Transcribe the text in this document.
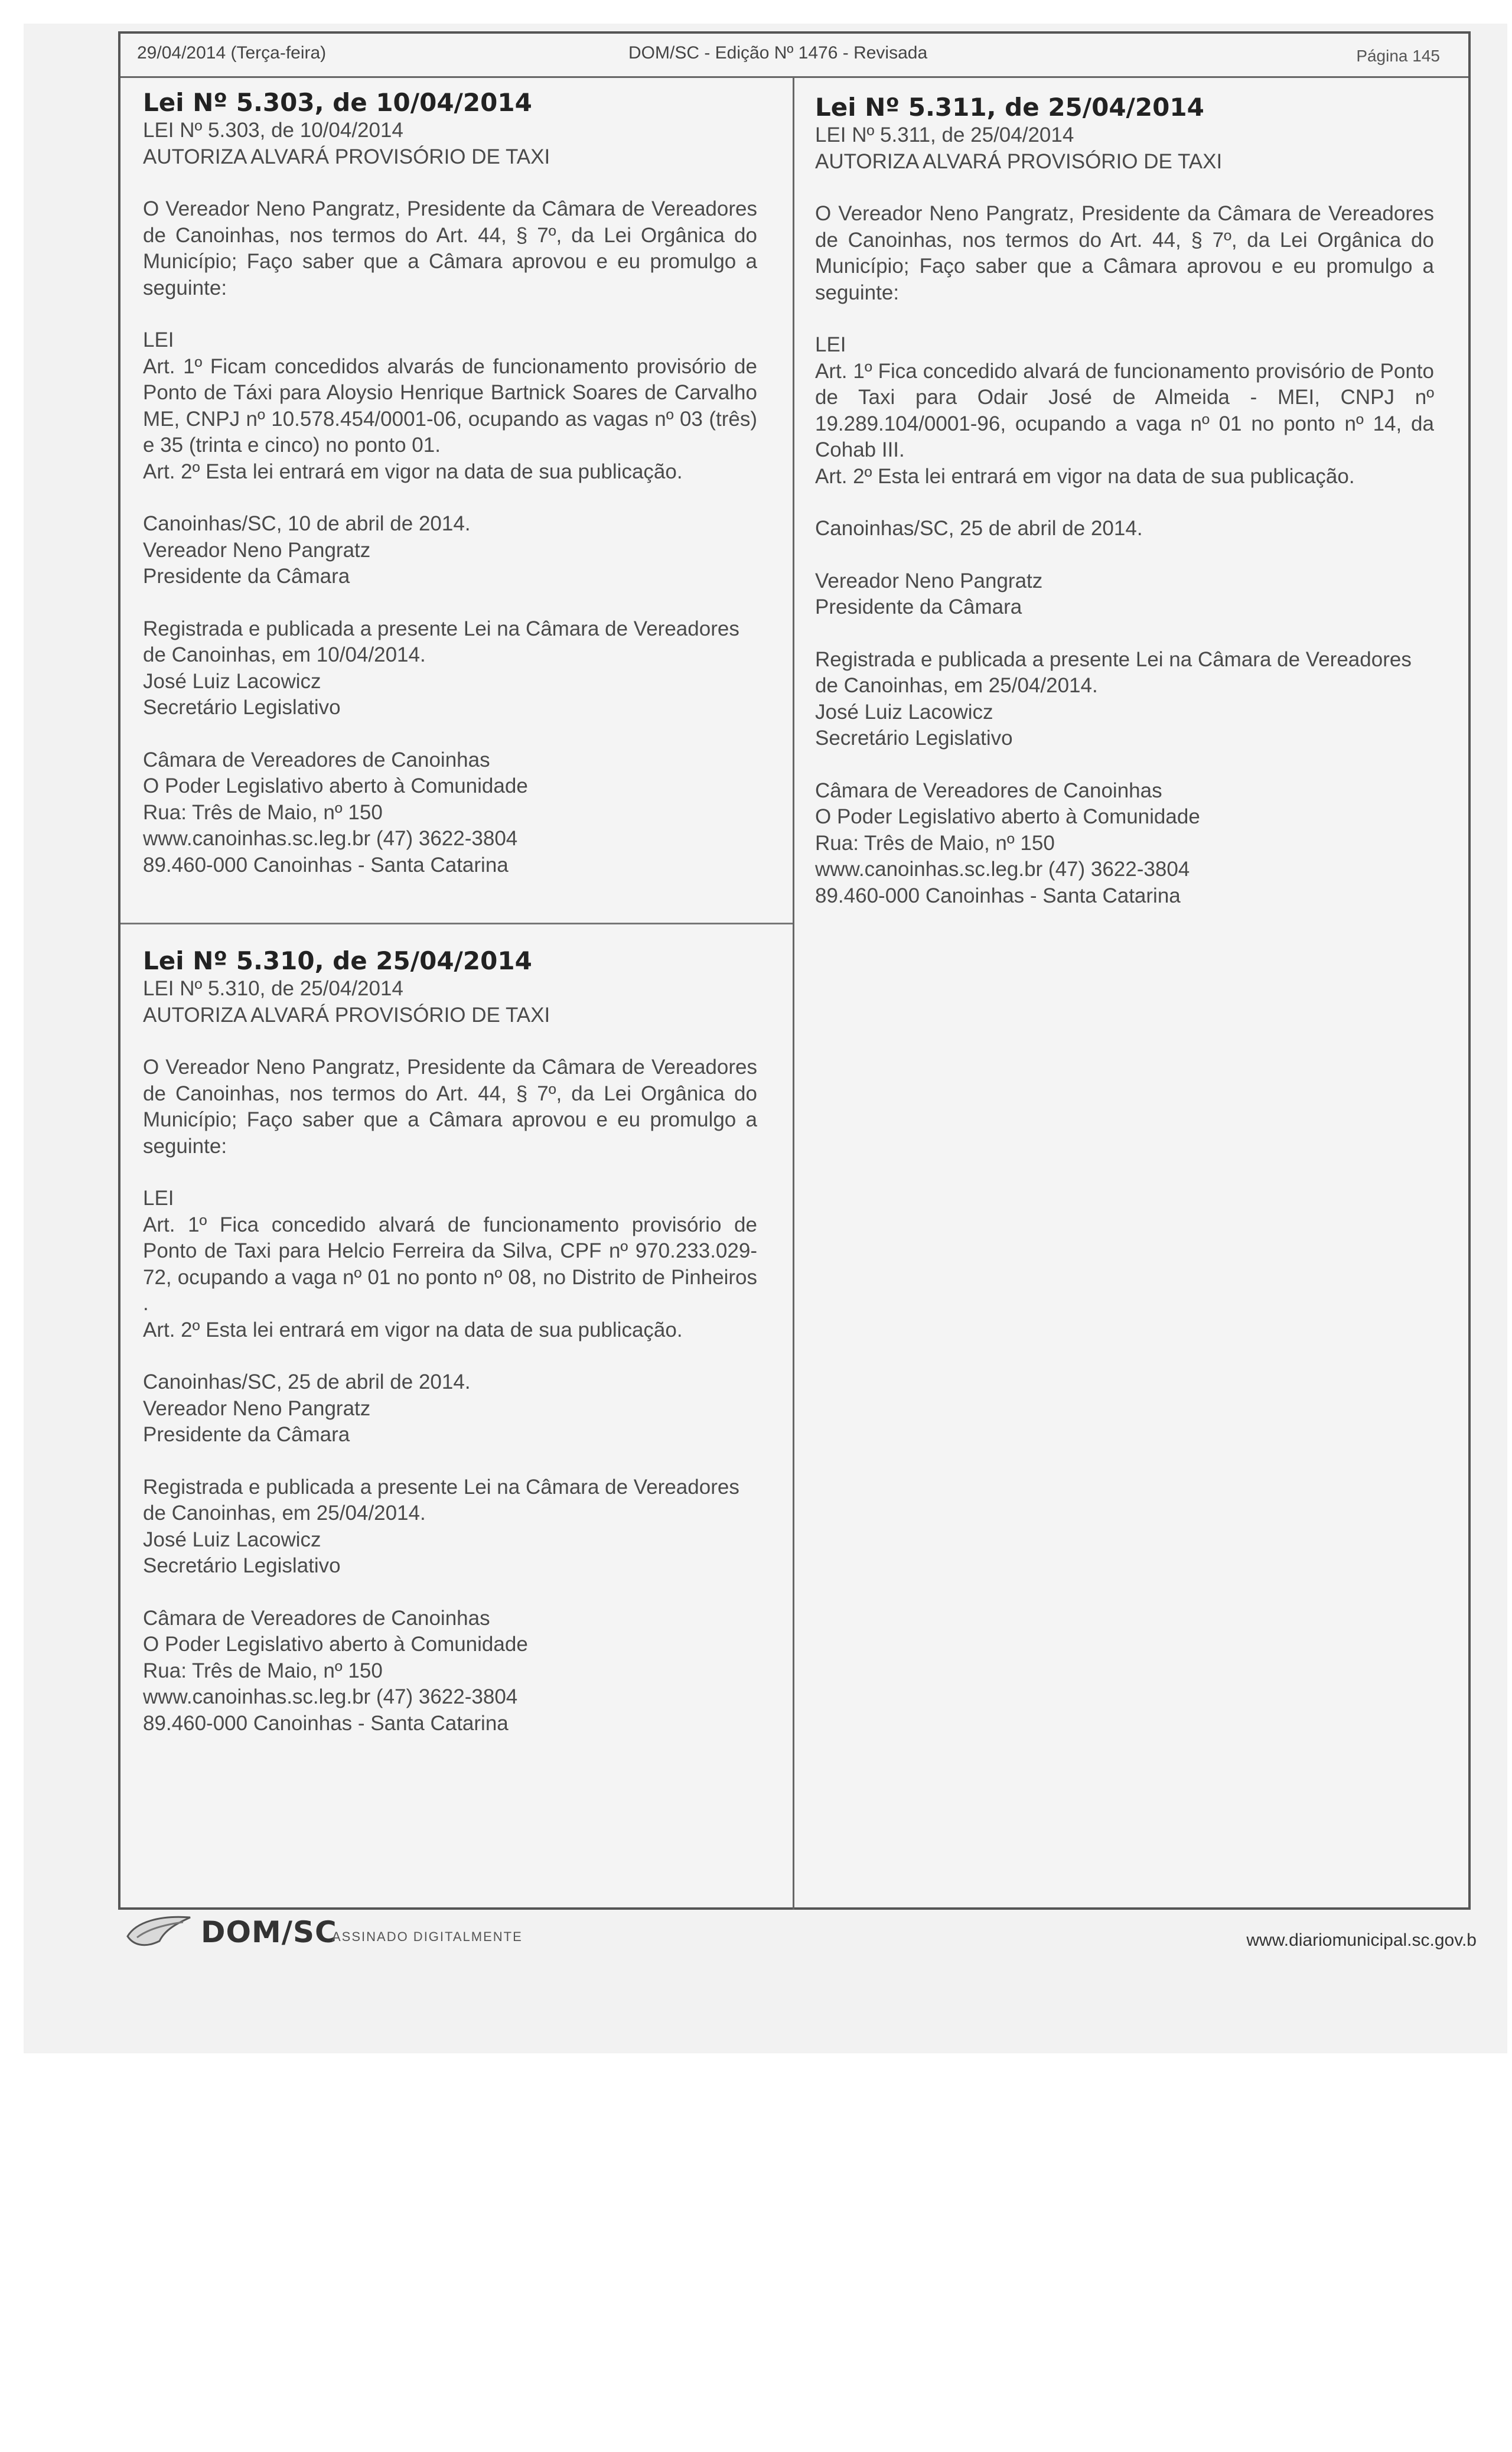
29/04/2014 (Terça-feira)	DOM/SC - Edição Nº 1476 - Revisada	Página 145

Lei Nº 5.303, de 10/04/2014

LEI Nº 5.303, de 10/04/2014

AUTORIZA ALVARÁ PROVISÓRIO DE TAXI

O Vereador Neno Pangratz, Presidente da Câmara de Vereadores de Canoinhas, nos termos do Art. 44, § 7º, da Lei Orgânica do Município; Faço saber que a Câmara aprovou e eu promulgo a seguinte:

LEI

Art. 1º Ficam concedidos alvarás de funcionamento provisório de Ponto de Táxi para Aloysio Henrique Bartnick Soares de Carvalho ME, CNPJ nº 10.578.454/0001-06, ocupando as vagas nº 03 (três) e 35 (trinta e cinco) no ponto 01.

Art. 2º Esta lei entrará em vigor na data de sua publicação.

Canoinhas/SC, 10 de abril de 2014.

Vereador Neno Pangratz

Presidente da Câmara

Registrada e publicada a presente Lei na Câmara de Vereadores de Canoinhas, em 10/04/2014.

José Luiz Lacowicz

Secretário Legislativo

Câmara de Vereadores de Canoinhas

O Poder Legislativo aberto à Comunidade

Rua: Três de Maio, nº 150

www.canoinhas.sc.leg.br (47) 3622-3804

89.460-000 Canoinhas - Santa Catarina

Lei Nº 5.310, de 25/04/2014

LEI Nº 5.310, de 25/04/2014

AUTORIZA ALVARÁ PROVISÓRIO DE TAXI

O Vereador Neno Pangratz, Presidente da Câmara de Vereadores de Canoinhas, nos termos do Art. 44, § 7º, da Lei Orgânica do Município; Faço saber que a Câmara aprovou e eu promulgo a seguinte:

LEI

Art. 1º Fica concedido alvará de funcionamento provisório de Ponto de Taxi para Helcio Ferreira da Silva, CPF nº 970.233.029-72, ocupando a vaga nº 01 no ponto nº 08, no Distrito de Pinheiros .

Art. 2º Esta lei entrará em vigor na data de sua publicação.

Canoinhas/SC, 25 de abril de 2014.

Vereador Neno Pangratz

Presidente da Câmara

Registrada e publicada a presente Lei na Câmara de Vereadores de Canoinhas, em 25/04/2014.

José Luiz Lacowicz

Secretário Legislativo

Câmara de Vereadores de Canoinhas

O Poder Legislativo aberto à Comunidade

Rua: Três de Maio, nº 150

www.canoinhas.sc.leg.br (47) 3622-3804

89.460-000 Canoinhas - Santa Catarina

Lei Nº 5.311, de 25/04/2014

LEI Nº 5.311, de 25/04/2014

AUTORIZA ALVARÁ PROVISÓRIO DE TAXI

O Vereador Neno Pangratz, Presidente da Câmara de Vereadores de Canoinhas, nos termos do Art. 44, § 7º, da Lei Orgânica do Município; Faço saber que a Câmara aprovou e eu promulgo a seguinte:

LEI

Art. 1º Fica concedido alvará de funcionamento provisório de Ponto de Taxi para Odair José de Almeida - MEI, CNPJ nº 19.289.104/0001-96, ocupando a vaga nº 01 no ponto nº 14, da Cohab III.

Art. 2º Esta lei entrará em vigor na data de sua publicação.

Canoinhas/SC, 25 de abril de 2014.

Vereador Neno Pangratz

Presidente da Câmara

Registrada e publicada a presente Lei na Câmara de Vereadores de Canoinhas, em 25/04/2014.

José Luiz Lacowicz

Secretário Legislativo

Câmara de Vereadores de Canoinhas

O Poder Legislativo aberto à Comunidade

Rua: Três de Maio, nº 150

www.canoinhas.sc.leg.br (47) 3622-3804

89.460-000 Canoinhas - Santa Catarina

DOM/SC
ASSINADO DIGITALMENTE	www.diariomunicipal.sc.gov.b
